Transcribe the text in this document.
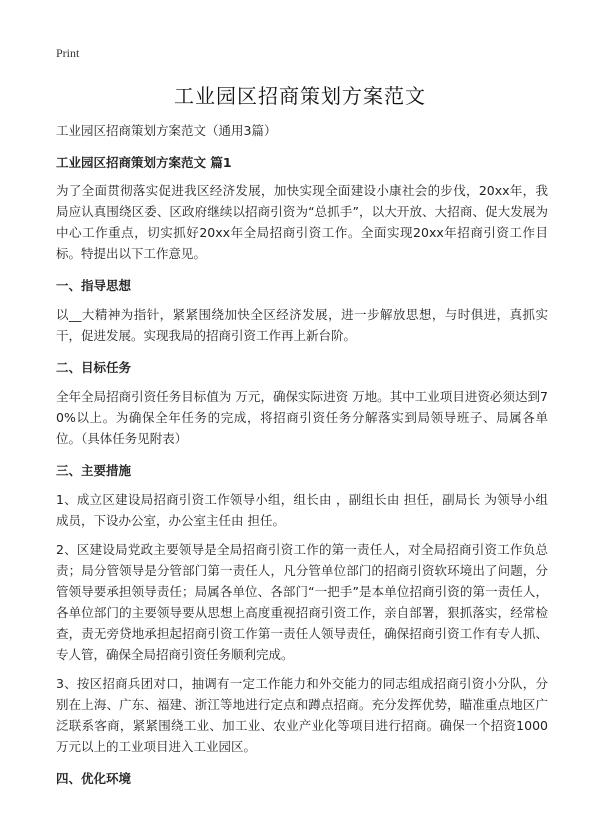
Print
工业园区招商策划方案范文

工业园区招商策划方案范文（通用3篇）

工业园区招商策划方案范文 篇1

为了全面贯彻落实促进我区经济发展，加快实现全面建设小康社会的步伐，20xx年，我局应认真围绕区委、区政府继续以招商引资为“总抓手”，以大开放、大招商、促大发展为中心工作重点，切实抓好20xx年全局招商引资工作。全面实现20xx年招商引资工作目标。特提出以下工作意见。

一、指导思想

以__大精神为指针，紧紧围绕加快全区经济发展，进一步解放思想，与时俱进，真抓实干，促进发展。实现我局的招商引资工作再上新台阶。

二、目标任务

全年全局招商引资任务目标值为 万元，确保实际进资 万地。其中工业项目进资必须达到70%以上。为确保全年任务的完成，将招商引资任务分解落实到局领导班子、局属各单位。（具体任务见附表）

三、主要措施

1、成立区建设局招商引资工作领导小组，组长由 ，副组长由 担任，副局长 为领导小组成员，下设办公室，办公室主任由 担任。

2、区建设局党政主要领导是全局招商引资工作的第一责任人，对全局招商引资工作负总责；局分管领导是分管部门第一责任人，凡分管单位部门的招商引资软环境出了问题，分管领导要承担领导责任；局属各单位、各部门“一把手”是本单位招商引资的第一责任人，各单位部门的主要领导要从思想上高度重视招商引资工作，亲自部署，狠抓落实，经常检查，责无旁贷地承担起招商引资工作第一责任人领导责任，确保招商引资工作有专人抓、专人管，确保全局招商引资任务顺利完成。

3、按区招商兵团对口，抽调有一定工作能力和外交能力的同志组成招商引资小分队，分别在上海、广东、福建、浙江等地进行定点和蹲点招商。充分发挥优势，瞄准重点地区广泛联系客商，紧紧围绕工业、加工业、农业产业化等项目进行招商。确保一个招资1000万元以上的工业项目进入工业园区。

四、优化环境
